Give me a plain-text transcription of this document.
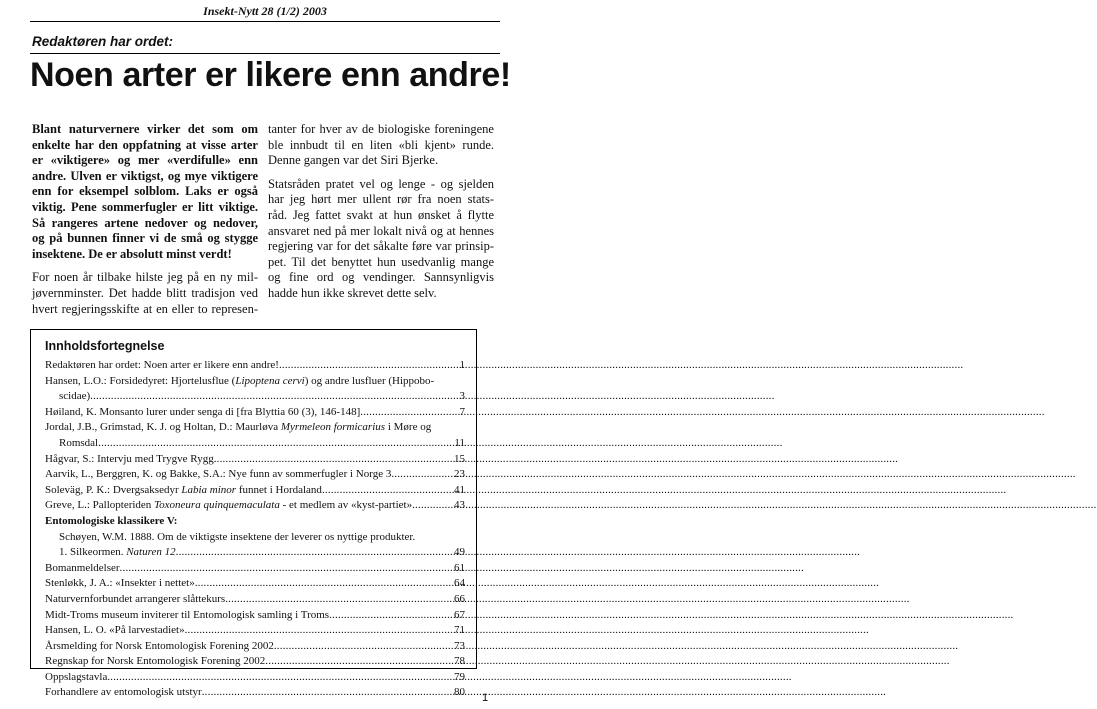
Insekt-Nytt 28 (1/2) 2003
Redaktøren har ordet:
Noen arter er likere enn andre!
Blant naturvernere virker det som om
enkelte har den oppfatning at visse arter
er «viktigere» og mer «verdifulle» enn
andre. Ulven er viktigst, og mye viktigere
enn for eksempel solblom. Laks er også
viktig. Pene sommerfugler er litt viktige.
Så rangeres artene nedover og nedover,
og på bunnen finner vi de små og stygge
insektene. De er absolutt minst verdt!
For noen år tilbake hilste jeg på en ny mil-
jøvernminster. Det hadde blitt tradisjon ved
hvert regjeringsskifte at en eller to represen-
tanter for hver av de biologiske foreningene
ble innbudt til en liten «bli kjent» runde.
Denne gangen var det Siri Bjerke.
Statsråden pratet vel og lenge - og sjelden
har jeg hørt mer ullent rør fra noen stats-
råd. Jeg fattet svakt at hun ønsket å flytte
ansvaret ned på mer lokalt nivå og at hennes
regjering var for det såkalte føre var prinsip-
pet. Til det benyttet hun usedvanlig mange
og fine ord og vendinger. Sannsynligvis
hadde hun ikke skrevet dette selv.
Innholdsfortegnelse
Redaktøren har ordet: Noen arter er likere enn andre! .....	1
Hansen, L.O.: Forsidedyret: Hjortelusflue (Lipoptena cervi) og andre lusfluer (Hippobo-
scidae) .....	3
Høiland, K. Monsanto lurer under senga di [fra Blyttia 60 (3), 146-148] .....	7
Jordal, J.B., Grimstad, K. J. og Holtan, D.: Maurløva Myrmeleon formicarius i Møre og
Romsdal .....	11
Hågvar, S.: Intervju med Trygve Rygg .....	15
Aarvik, L., Berggren, K. og Bakke, S.A.: Nye funn av sommerfugler i Norge 3 .....	23
Soleväg, P. K.: Dvergsaksedyr Labia minor funnet i Hordaland .....	41
Greve, L.: Pallopteriden Toxoneura quinquemaculata - et medlem av «kyst-partiet» .....	43
Entomologiske klassikere V:
Schøyen, W.M. 1888. Om de viktigste insektene der leverer os nyttige produkter.
1. Silkeormen. Naturen 12 .....	49
Bomanmeldelser .....	61
Stenløkk, J. A.: «Insekter i nettet» .....	64
Naturvernforbundet arrangerer slåttekurs .....	66
Midt-Troms museum inviterer til Entomologisk samling i Troms .....	67
Hansen, L. O. «På larvestadiet» .....	71
Årsmelding for Norsk Entomologisk Forening 2002 .....	73
Regnskap for Norsk Entomologisk Forening 2002 .....	78
Oppslagstavla .....	79
Forhandlere av entomologisk utstyr .....	80 1
